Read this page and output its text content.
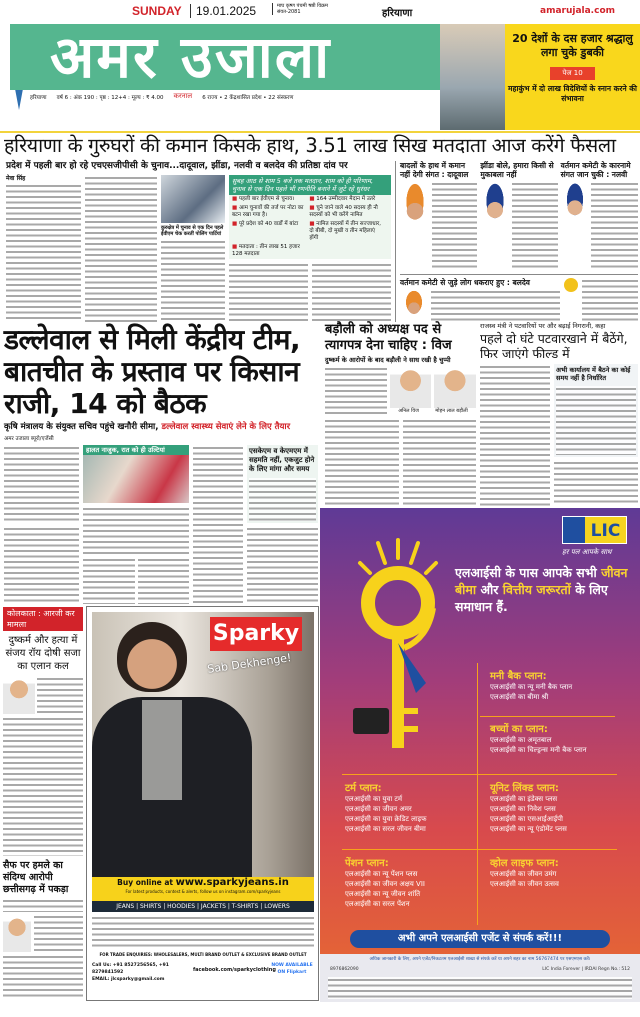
SUNDAY	19.01.2025	माघ कृष्ण पंचमी षष्ठी विक्रम संवत-2081	हरियाणा	amarujala.com
अमर उजाला
हरियाणा वर्ष 6 : अंक 190 : पृष्ठ : 12+4 : मूल्य : ₹ 4.00 करनाल 6 राज्य • 2 केंद्रशासित प्रदेश • 22 संस्करण
20 देशों के दस हजार श्रद्धालु लगा चुके डुबकी
पेज 10

महाकुंभ में दो लाख विदेशियों के स्नान करने की संभावना

हरियाणा के गुरुघरों की कमान किसके हाथ, 3.51 लाख सिख मतदाता आज करेंगे फैसला
प्रदेश में पहली बार हो रहे एचएसजीपीसी के चुनाव...दादूवाल, झींडा, नलवी व बलदेव की प्रतिष्ठा दांव पर
मेवा सिंह
कुरुक्षेत्र में चुनाव से एक दिन पहले ईवीएम चेक करतीं पोलिंग पार्टियां
सुबह आठ से शाम 5 बजे तक मतदान, शाम को ही परिणाम, चुनाव से एक दिन पहले भी रणनीति बनाने में जुटे रहे धुरंधर
■ पहली बार ईवीएम से चुनाव।	■ 164 उम्मीदवार मैदान में उतरे
■ आम चुनावों की तर्ज पर नोटा का बटन रखा गया है।
■ चुने जाने वाले 40 सदस्य ही नौ सदस्यों को भी करेंगे नामित
■ पूरे प्रदेश को 40 वार्डों में बांटा	■ नामित सदस्यों में तीन सज्जाधार, दो बीबी, दो मुखी व तीन महिलाएं होंगी
■ मतदाता : तीन लाख 51 हजार 128 मतदाता
बादलों के हाथ में कमान नहीं देगी संगत : दादूवाल
झींडा बोले, हमारा किसी से मुकाबला नहीं
वर्तमान कमेटी के कारनामे संगत जान चुकी : नलवी
वर्तमान कमेटी से जुड़े लोग धकराए हुए : बलदेव
डल्लेवाल से मिली केंद्रीय टीम, बातचीत के प्रस्ताव पर किसान राजी, 14 को बैठक
कृषि मंत्रालय के संयुक्त सचिव पहुंचे खनौरी सीमा, डल्लेवाल स्वास्थ्य सेवाएं लेने के लिए तैयार
अमर उजाला ब्यूरो/एजेंसी
हालत नाजुक, रात को ही उल्टियां	एसकेएम व केएमएम में सहमति नहीं, एकजुट होने के लिए मांगा और समय
बड़ौली को अध्यक्ष पद से त्यागपत्र देना चाहिए : विज
दुष्कर्म के आरोपों के बाद बड़ौली ने साध रखी है चुप्पी
अनिल विज	मोहन लाल बड़ौली
राजस्व मंत्री ने पटवारियों पर और बढ़ाई निगरानी, कहा
पहले दो घंटे पटवारखाने में बैठेंगे, फिर जाएंगे फील्ड में
अभी कार्यालय में बैठने का कोई समय नहीं है निर्धारित
कोलकाता : आरजी कर मामला
दुष्कर्म और हत्या में संजय रॉय दोषी सजा का एलान कल
सैफ पर हमले का संदिग्ध आरोपी छत्तीसगढ़ में पकड़ा
Sparky
Sab Dekhenge!
Buy online at www.sparkyjeans.in
For latest products, contest & alerts, follow us on instagram.com/sparkyjeans
JEANS | SHIRTS | HOODIES | JACKETS | T-SHIRTS | LOWERS
FOR TRADE ENQUIRIES: WHOLESALERS, MULTI BRAND OUTLET & EXCLUSIVE BRAND OUTLET
Call Us: +91 8527256565, +91 8279841592
EMAIL: jlcsparky@gmail.com
facebook.com/sparkyclothing
NOW AVAILABLE ON Flipkart
LIC
हर पल आपके साथ
एलआईसी के पास आपके सभी जीवन बीमा और वित्तीय जरूरतों के लिए समाधान हैं.
मनी बैक प्लान:
एलआईसी का न्यू मनी बैक प्लान
एलआईसी का बीमा श्री
बच्चों का प्लान:
एलआईसी का अमृतबाल
एलआईसी का चिल्ड्रन्स मनी बैक प्लान
टर्म प्लान:
एलआईसी का युवा टर्म
एलआईसी का जीवन अमर
एलआईसी का युवा क्रेडिट लाइफ
एलआईसी का सरल जीवन बीमा
यूनिट लिंक्ड प्लान:
एलआईसी का इंडेक्स प्लस
एलआईसी का निवेश प्लस
एलआईसी का एसआईआईपी
एलआईसी का न्यू एंडोमेंट प्लस
पेंशन प्लान:
एलआईसी का न्यू पेंशन प्लस
एलआईसी का जीवन अक्षय VII
एलआईसी का न्यू जीवन शांति
एलआईसी का सरल पेंशन
व्होल लाइफ प्लान:
एलआईसी का जीवन उमंग
एलआईसी का जीवन उत्सव
अभी अपने एलआईसी एजेंट से संपर्क करें!!!
अधिक जानकारी के लिए, अपने एजेंट/निकटतम एलआईसी शाखा से संपर्क करें या अपने शहर का नाम 56767474 पर एसएमएस करें।
8976862090	LIC India Forever | IRDAI Regn No.: 512
